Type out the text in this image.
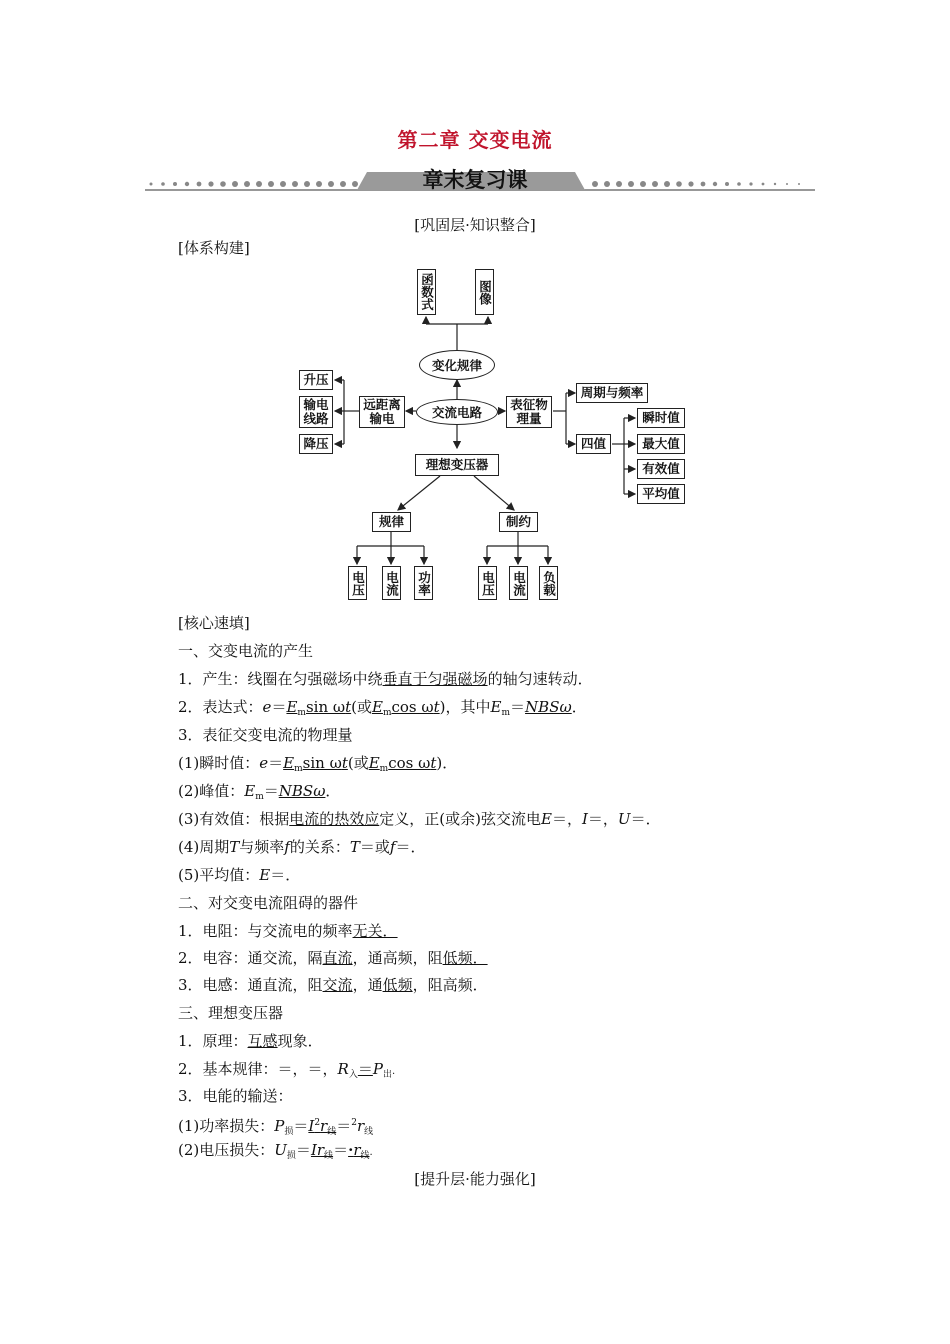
第二章 交变电流
章末复习课
[巩固层·知识整合]
[体系构建]
函数式	图像
变化规律
交流电路
远距离输电
升压
输电线路
降压
表征物理量
周期与频率
四值
瞬时值
最大值
有效值
平均值
理想变压器
规律	制约
电压 电流 功率	电压 电流 负载
[核心速填]
一、交变电流的产生
1．产生：线圈在匀强磁场中绕垂直于匀强磁场的轴匀速转动．
2．表达式：$e=E_m\sin$ ωt(或$E_m\cos$ ωt)，其中$E_m=NBS\omega$．
3．表征交变电流的物理量
(1)瞬时值：$e=E_m\sin$ ωt(或$E_m\cos$ ωt)．
(2)峰值：$E_m=NBS\omega$．
(3)有效值：根据电流的热效应定义，正(或余)弦交流电E＝，I＝，U＝．
(4)周期T与频率f的关系：T＝或f＝．
(5)平均值：E＝．
二、对交变电流阻碍的器件
1．电阻：与交流电的频率无关．
2．电容：通交流，隔直流，通高频，阻低频．
3．电感：通直流，阻交流，通低频，阻高频．
三、理想变压器
1．原理：互感现象．
2．基本规律：＝，＝，$R_入=P_出$.
3．电能的输送：
(1)功率损失：$P_损=I^2r_线=^2r_线$
(2)电压损失：$U_损=Ir_线=\cdot r_线$.
[提升层·能力强化]
